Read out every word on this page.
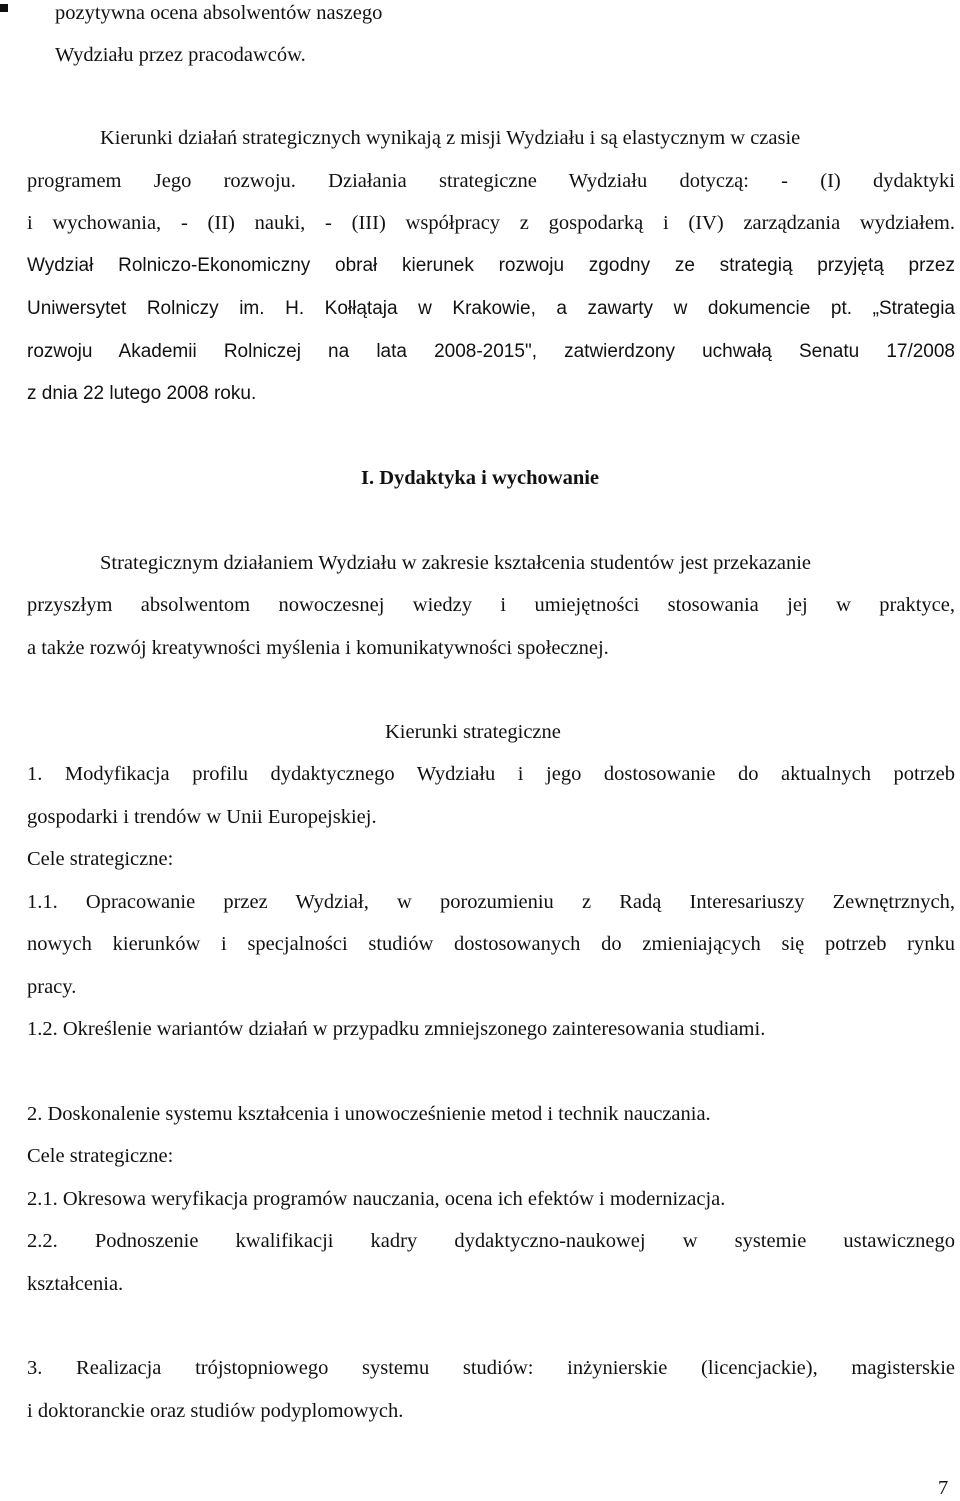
pozytywna ocena absolwentów naszego
Wydziału przez pracodawców.
Kierunki działań strategicznych wynikają z misji Wydziału i są elastycznym w czasie
programem Jego rozwoju. Działania strategiczne Wydziału dotyczą: - (I) dydaktyki
i wychowania, - (II) nauki, - (III) współpracy z gospodarką i (IV) zarządzania wydziałem.
Wydział Rolniczo-Ekonomiczny obrał kierunek rozwoju zgodny ze strategią przyjętą przez
Uniwersytet Rolniczy im. H. Kołłątaja w Krakowie, a zawarty w dokumencie pt. „Strategia
rozwoju Akademii Rolniczej na lata 2008-2015", zatwierdzony uchwałą Senatu 17/2008
z dnia 22 lutego 2008 roku.
I. Dydaktyka i wychowanie
Strategicznym działaniem Wydziału w zakresie kształcenia studentów jest przekazanie
przyszłym absolwentom nowoczesnej wiedzy i umiejętności stosowania jej w praktyce,
a także rozwój kreatywności myślenia i komunikatywności społecznej.
Kierunki strategiczne
1. Modyfikacja profilu dydaktycznego Wydziału i jego dostosowanie do aktualnych potrzeb
gospodarki i trendów w Unii Europejskiej.
Cele strategiczne:
1.1. Opracowanie przez Wydział, w porozumieniu z Radą Interesariuszy Zewnętrznych,
nowych kierunków i specjalności studiów dostosowanych do zmieniających się potrzeb rynku
pracy.
1.2. Określenie wariantów działań w przypadku zmniejszonego zainteresowania studiami.
2. Doskonalenie systemu kształcenia i unowocześnienie metod i technik nauczania.
Cele strategiczne:
2.1. Okresowa weryfikacja programów nauczania, ocena ich efektów i modernizacja.
2.2. Podnoszenie kwalifikacji kadry dydaktyczno-naukowej w systemie ustawicznego
kształcenia.
3. Realizacja trójstopniowego systemu studiów: inżynierskie (licencjackie), magisterskie
i doktoranckie oraz studiów podyplomowych.
7
